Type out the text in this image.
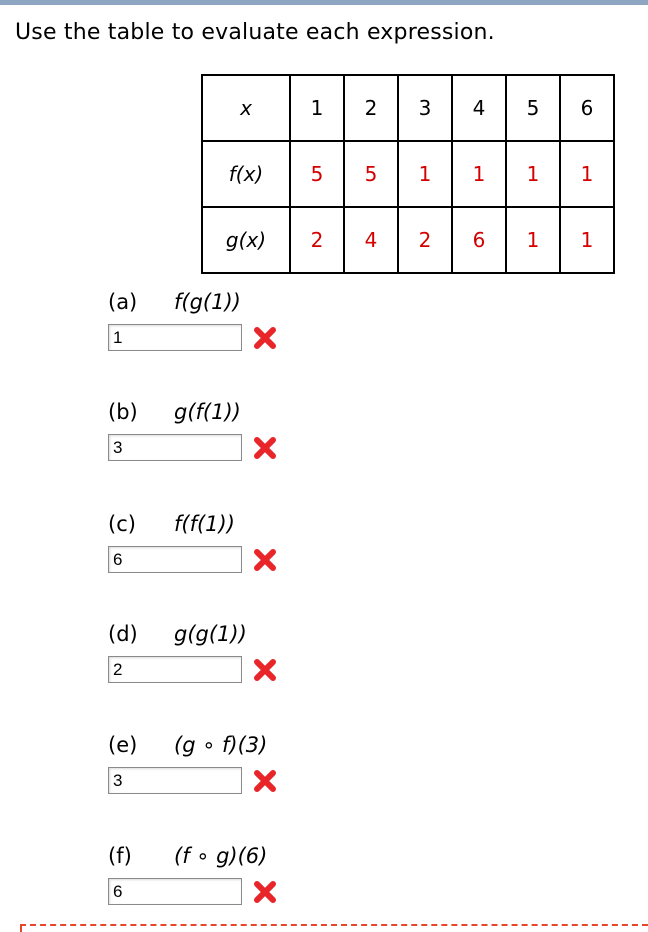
Use the table to evaluate each expression.
x	1	2	3	4	5	6
f(x)	5	5	1	1	1	1
g(x)	2	4	2	6	1	1
(a)	f(g(1))
1
(b)	g(f(1))
3
(c)	f(f(1))
6
(d)	g(g(1))
2
(e)	(g ∘ f)(3)
3
(f)	(f ∘ g)(6)
6
